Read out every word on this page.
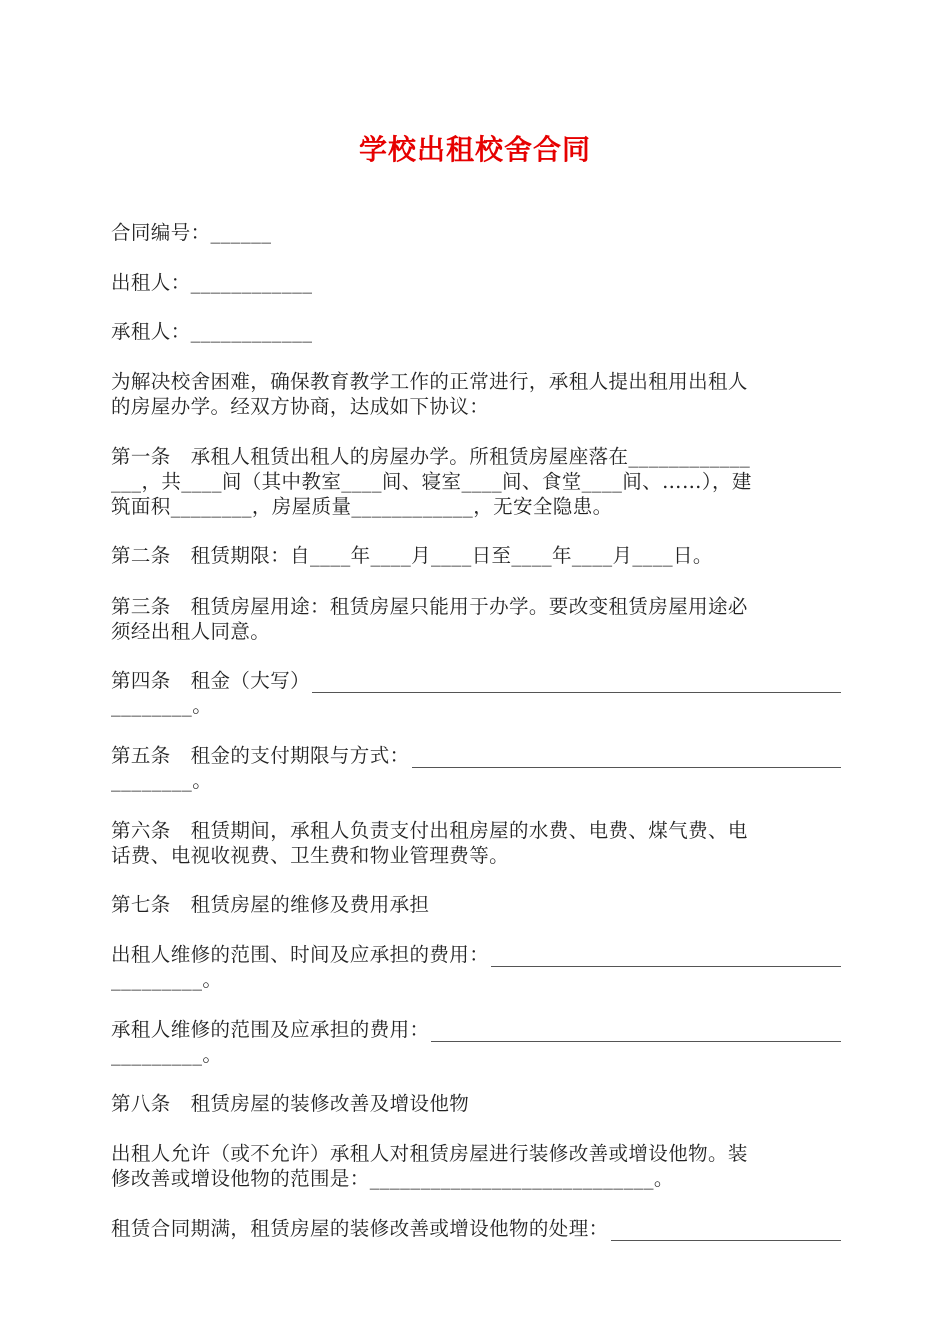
学校出租校舍合同

合同编号：______

出租人：____________

承租人：____________

为解决校舍困难，确保教育教学工作的正常进行，承租人提出租用出租人
的房屋办学。经双方协商，达成如下协议：

第一条　承租人租赁出租人的房屋办学。所租赁房屋座落在____________
___，共____间（其中教室____间、寝室____间、食堂____间、……），建
筑面积________，房屋质量____________，无安全隐患。

第二条　租赁期限：自____年____月____日至____年____月____日。

第三条　租赁房屋用途：租赁房屋只能用于办学。要改变租赁房屋用途必
须经出租人同意。

第四条　租金（大写）
________。

第五条　租金的支付期限与方式：
________。

第六条　租赁期间，承租人负责支付出租房屋的水费、电费、煤气费、电
话费、电视收视费、卫生费和物业管理费等。

第七条　租赁房屋的维修及费用承担

出租人维修的范围、时间及应承担的费用：
_________。

承租人维修的范围及应承担的费用：
_________。

第八条　租赁房屋的装修改善及增设他物

出租人允许（或不允许）承租人对租赁房屋进行装修改善或增设他物。装
修改善或增设他物的范围是：____________________________。

租赁合同期满，租赁房屋的装修改善或增设他物的处理：
